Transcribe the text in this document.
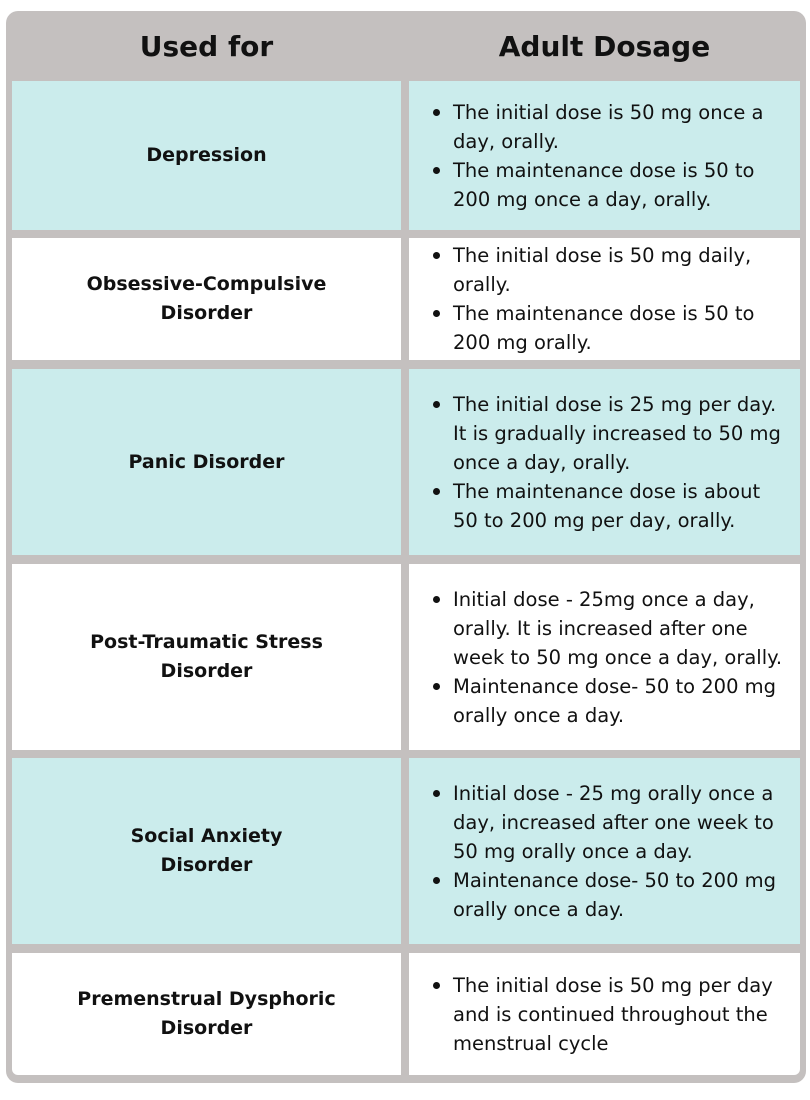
Used for	Adult Dosage
Depression
The initial dose is 50 mg once a day, orally.
The maintenance dose is 50 to 200 mg once a day, orally.
Obsessive-Compulsive
Disorder
The initial dose is 50 mg daily, orally.
The maintenance dose is 50 to 200 mg orally.
Panic Disorder
The initial dose is 25 mg per day. It is gradually increased to 50 mg once a day, orally.
The maintenance dose is about 50 to 200 mg per day, orally.
Post-Traumatic Stress
Disorder
Initial dose - 25mg once a day, orally. It is increased after one week to 50 mg once a day, orally.
Maintenance dose- 50 to 200 mg orally once a day.
Social Anxiety
Disorder
Initial dose - 25 mg orally once a day, increased after one week to 50 mg orally once a day.
Maintenance dose- 50 to 200 mg orally once a day.
Premenstrual Dysphoric
Disorder
The initial dose is 50 mg per day and is continued throughout the menstrual cycle
